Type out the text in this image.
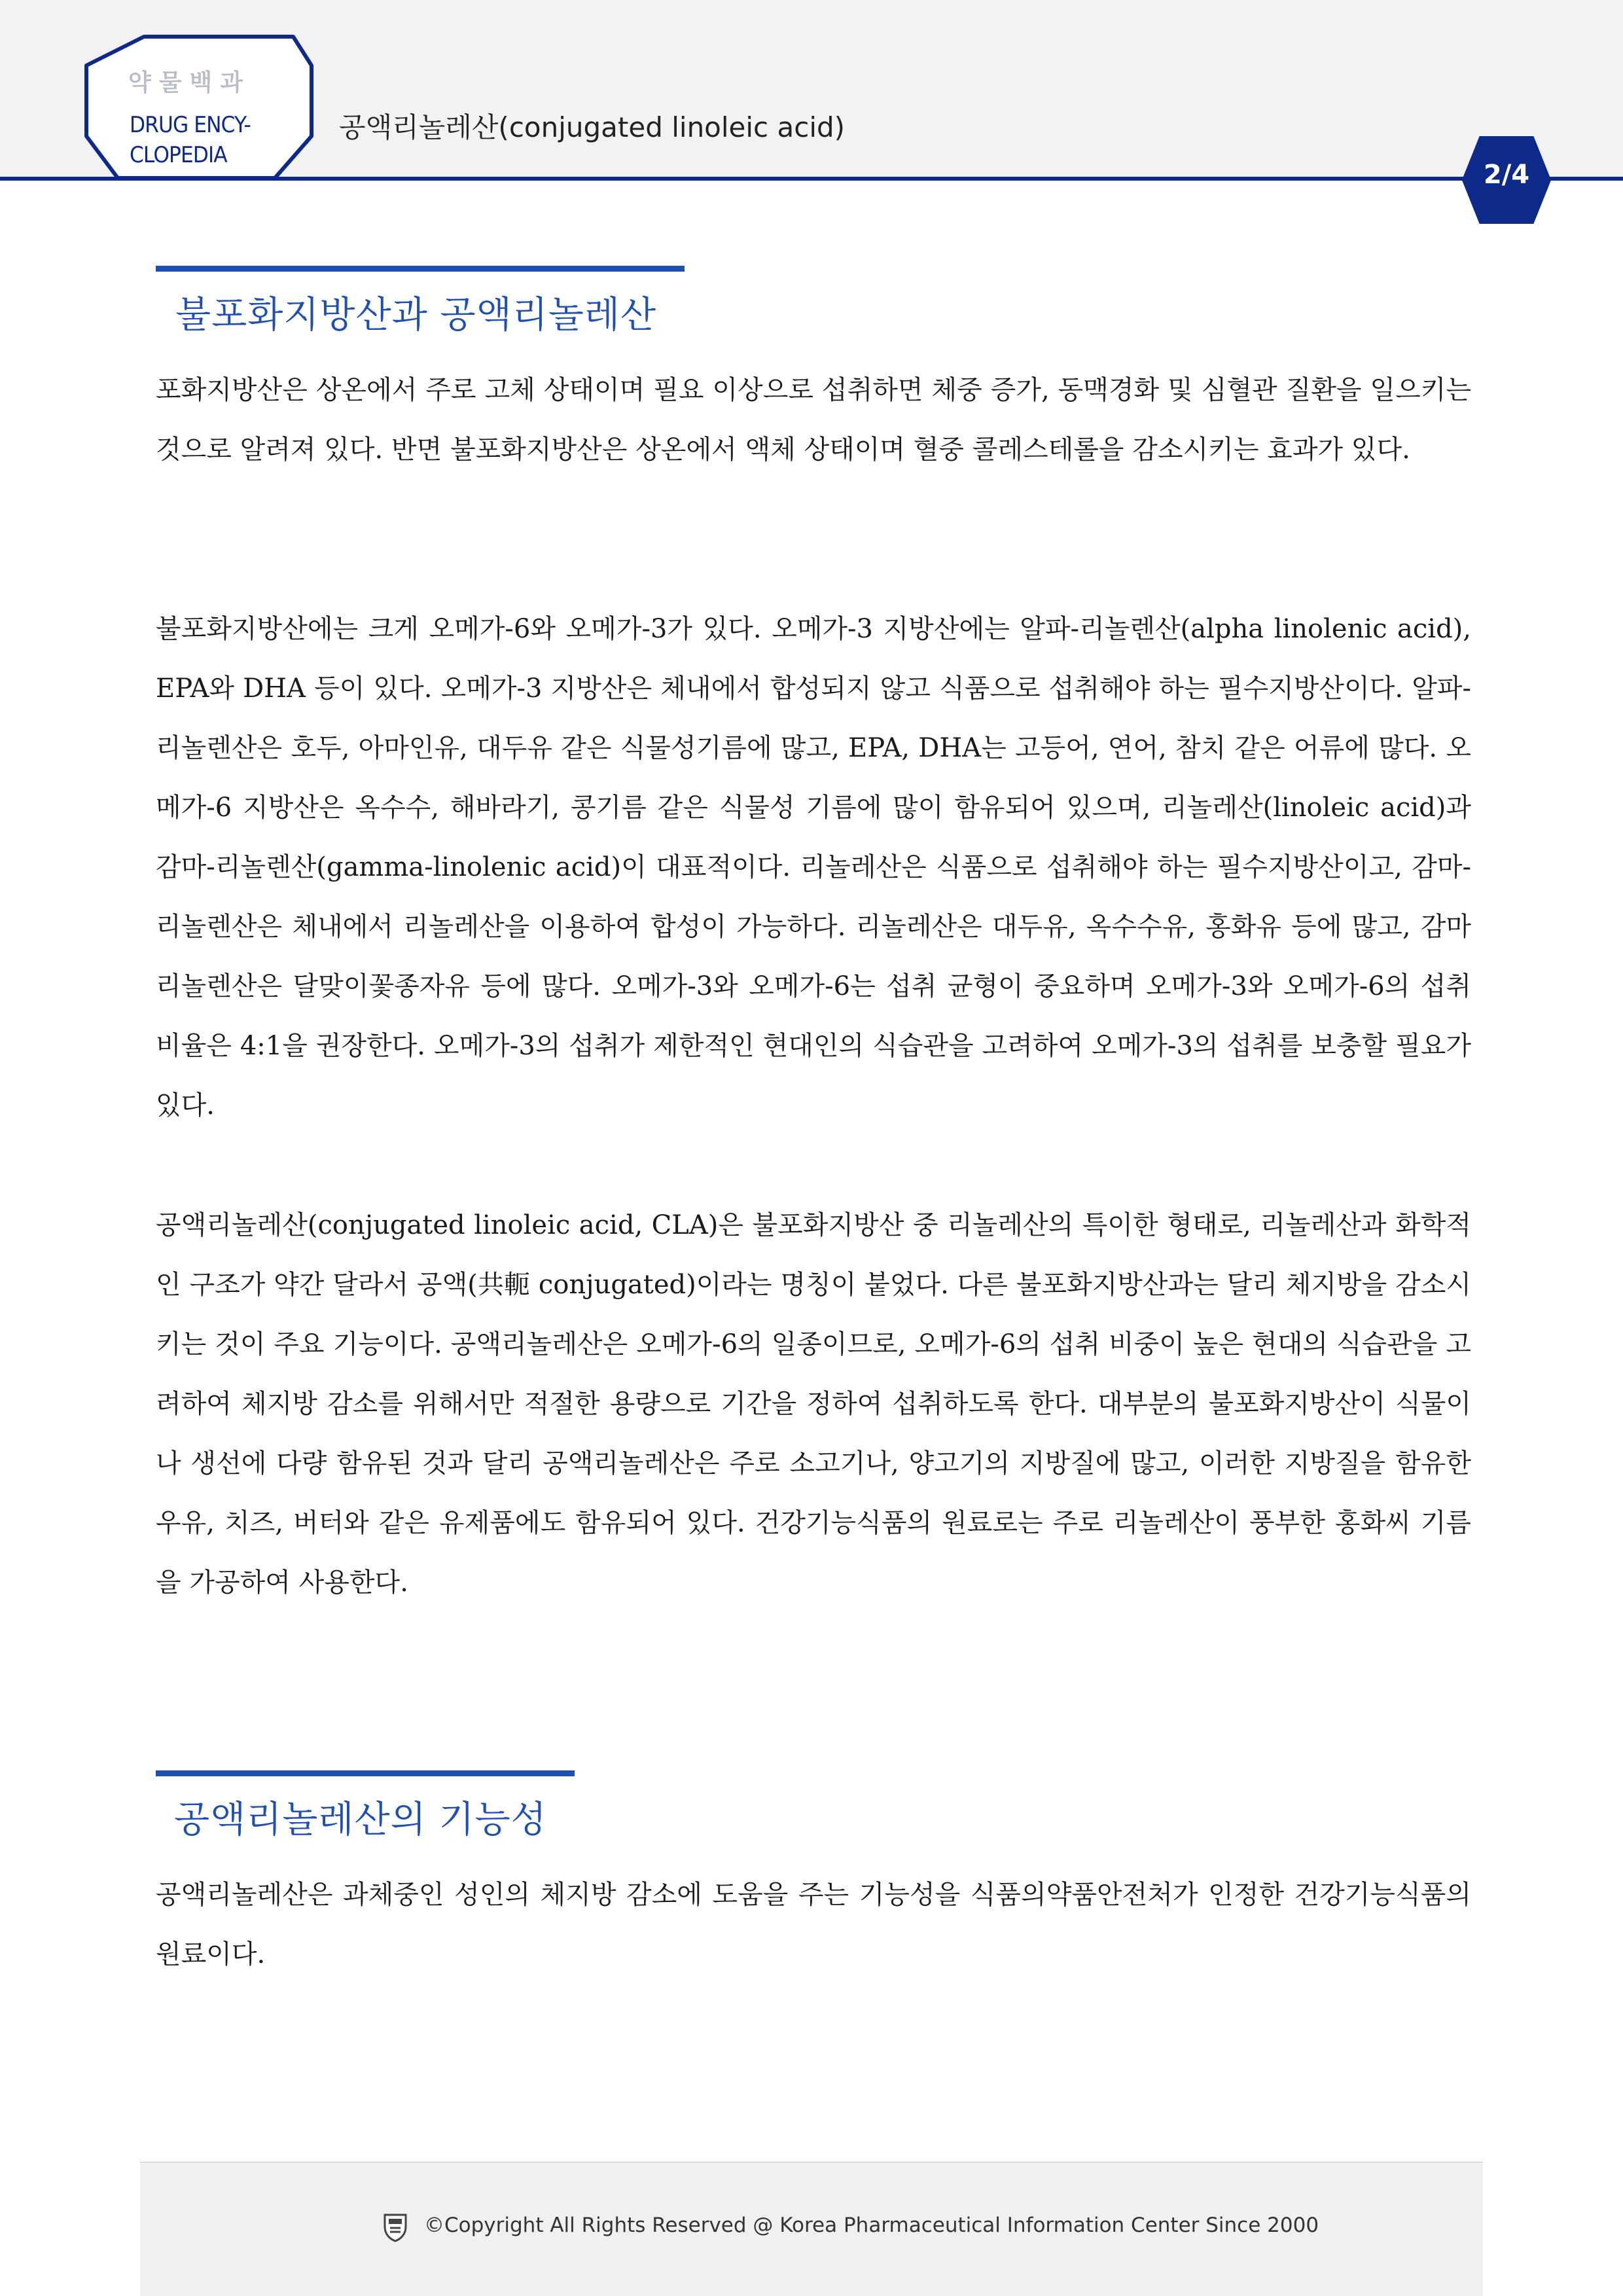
약물백과
DRUG ENCY-
CLOPEDIA
공액리놀레산(conjugated linoleic acid)
2/4
불포화지방산과 공액리놀레산

포화지방산은 상온에서 주로 고체 상태이며 필요 이상으로 섭취하면 체중 증가, 동맥경화 및 심혈관 질환을 일으키는 것으로 알려져 있다. 반면 불포화지방산은 상온에서 액체 상태이며 혈중 콜레스테롤을 감소시키는 효과가 있다.

불포화지방산에는 크게 오메가-6와 오메가-3가 있다. 오메가-3 지방산에는 알파-리놀렌산(alpha linolenic acid), EPA와 DHA 등이 있다. 오메가-3 지방산은 체내에서 합성되지 않고 식품으로 섭취해야 하는 필수지방산이다. 알파-리놀렌산은 호두, 아마인유, 대두유 같은 식물성기름에 많고, EPA, DHA는 고등어, 연어, 참치 같은 어류에 많다. 오메가-6 지방산은 옥수수, 해바라기, 콩기름 같은 식물성 기름에 많이 함유되어 있으며, 리놀레산(linoleic acid)과 감마-리놀렌산(gamma-linolenic acid)이 대표적이다. 리놀레산은 식품으로 섭취해야 하는 필수지방산이고, 감마-리놀렌산은 체내에서 리놀레산을 이용하여 합성이 가능하다. 리놀레산은 대두유, 옥수수유, 홍화유 등에 많고, 감마리놀렌산은 달맞이꽃종자유 등에 많다. 오메가-3와 오메가-6는 섭취 균형이 중요하며 오메가-3와 오메가-6의 섭취 비율은 4:1을 권장한다. 오메가-3의 섭취가 제한적인 현대인의 식습관을 고려하여 오메가-3의 섭취를 보충할 필요가 있다.

공액리놀레산(conjugated linoleic acid, CLA)은 불포화지방산 중 리놀레산의 특이한 형태로, 리놀레산과 화학적인 구조가 약간 달라서 공액(共軛 conjugated)이라는 명칭이 붙었다. 다른 불포화지방산과는 달리 체지방을 감소시키는 것이 주요 기능이다. 공액리놀레산은 오메가-6의 일종이므로, 오메가-6의 섭취 비중이 높은 현대의 식습관을 고려하여 체지방 감소를 위해서만 적절한 용량으로 기간을 정하여 섭취하도록 한다. 대부분의 불포화지방산이 식물이나 생선에 다량 함유된 것과 달리 공액리놀레산은 주로 소고기나, 양고기의 지방질에 많고, 이러한 지방질을 함유한 우유, 치즈, 버터와 같은 유제품에도 함유되어 있다. 건강기능식품의 원료로는 주로 리놀레산이 풍부한 홍화씨 기름을 가공하여 사용한다.

공액리놀레산의 기능성

공액리놀레산은 과체중인 성인의 체지방 감소에 도움을 주는 기능성을 식품의약품안전처가 인정한 건강기능식품의 원료이다.

©Copyright All Rights Reserved @ Korea Pharmaceutical Information Center Since 2000
